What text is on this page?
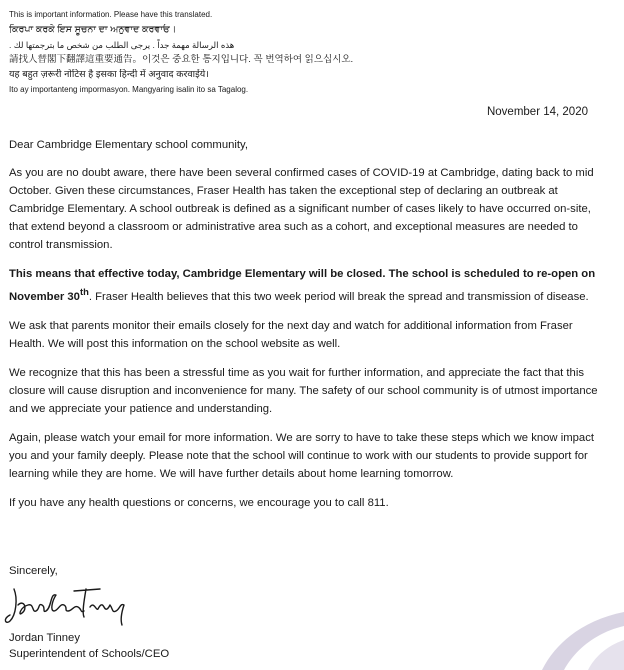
This is important information. Please have this translated.
ਕਿਰਪਾ ਕਰਕੇ ਇਸ ਸੂਚਨਾ ਦਾ ਅਨੁਵਾਦ ਕਰਵਾਓ।
هذه الرسالة مهمة جداً . يرجى الطلب من شخص ما بترجمتها لك .
請找人替閣下翻譯這重要通告。이것은 중요한 통지입니다. 꼭 번역하여 읽으십시오.
यह बहुत ज़रूरी नोटिस है इसका हिन्दी में अनुवाद करवाईये।
Ito ay importanteng impormasyon. Mangyaring isalin ito sa Tagalog.
November 14, 2020

Dear Cambridge Elementary school community,

As you are no doubt aware, there have been several confirmed cases of COVID-19 at Cambridge, dating back to mid October. Given these circumstances, Fraser Health has taken the exceptional step of declaring an outbreak at Cambridge Elementary. A school outbreak is defined as a significant number of cases likely to have occurred on-site, that extend beyond a classroom or administrative area such as a cohort, and exceptional measures are needed to control transmission.

This means that effective today, Cambridge Elementary will be closed. The school is scheduled to re-open on November 30th. Fraser Health believes that this two week period will break the spread and transmission of disease.

We ask that parents monitor their emails closely for the next day and watch for additional information from Fraser Health. We will post this information on the school website as well.

We recognize that this has been a stressful time as you wait for further information, and appreciate the fact that this closure will cause disruption and inconvenience for many. The safety of our school community is of utmost importance and we appreciate your patience and understanding.

Again, please watch your email for more information. We are sorry to have to take these steps which we know impact you and your family deeply. Please note that the school will continue to work with our students to provide support for learning while they are home. We will have further details about home learning tomorrow.

If you have any health questions or concerns, we encourage you to call 811.

Sincerely,
Jordan Tinney
Superintendent of Schools/CEO
